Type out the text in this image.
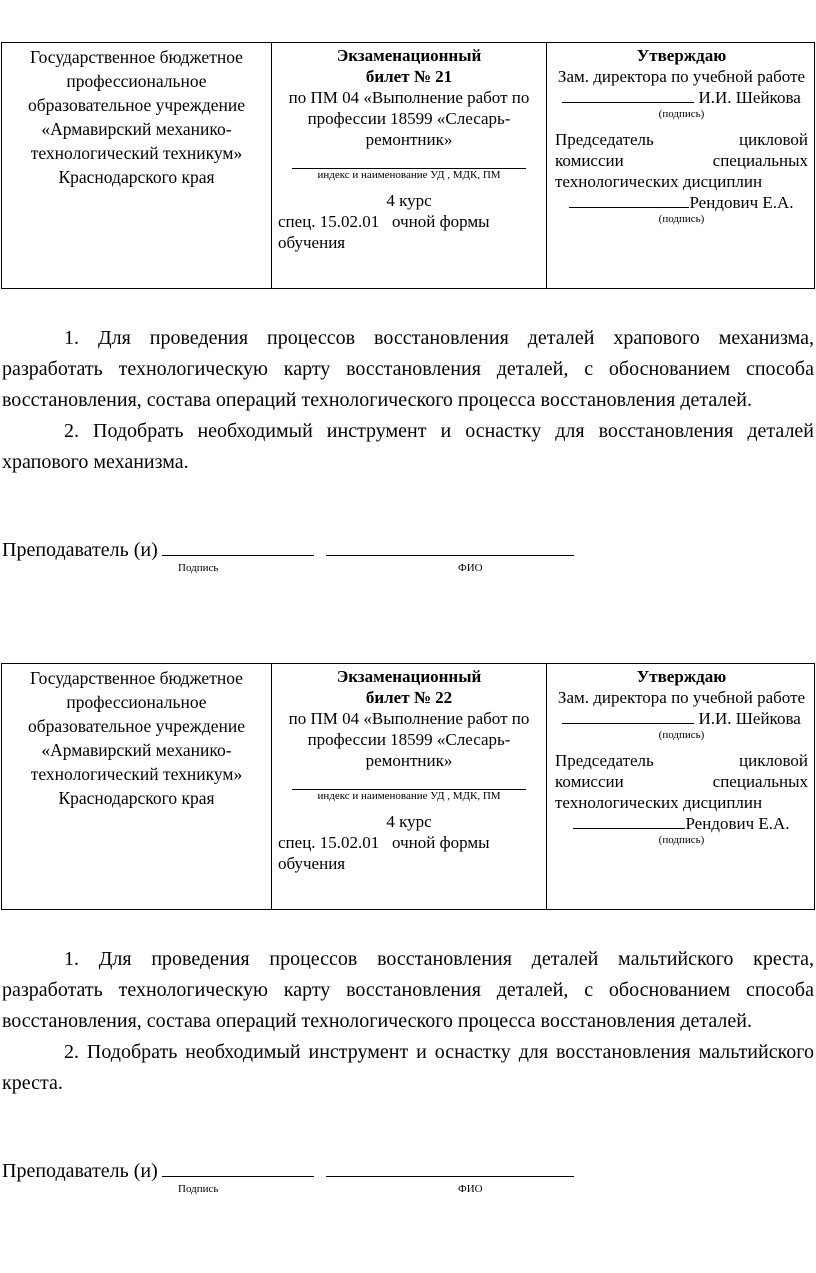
Государственное бюджетное профессиональное образовательное учреждение «Армавирский механико-технологический техникум» Краснодарского края

Экзаменационный
билет № 21
по ПМ 04 «Выполнение работ по профессии 18599 «Слесарь-ремонтник»
индекс и наименование УД , МДК, ПМ
4 курс
спец. 15.02.01   очной формы обучения

Утверждаю
Зам. директора по учебной работе
И.И. Шейкова
(подпись)
Председатель	цикловой
комиссии	специальных
технологических дисциплин
Рендович Е.А.
(подпись)

1. Для проведения процессов восстановления деталей храпового механизма, разработать технологическую карту восстановления деталей, с обоснованием способа восстановления, состава операций технологического процесса восстановления деталей.

2. Подобрать необходимый инструмент и оснастку для восстановления деталей храпового механизма.

Преподаватель (и)
Подпись	ФИО
Государственное бюджетное профессиональное образовательное учреждение «Армавирский механико-технологический техникум» Краснодарского края

Экзаменационный
билет № 22
по ПМ 04 «Выполнение работ по профессии 18599 «Слесарь-ремонтник»
индекс и наименование УД , МДК, ПМ
4 курс
спец. 15.02.01   очной формы обучения

Утверждаю
Зам. директора по учебной работе
И.И. Шейкова
(подпись)
Председатель	цикловой
комиссии	специальных
технологических дисциплин
Рендович Е.А.
(подпись)

1. Для проведения процессов восстановления деталей мальтийского креста, разработать технологическую карту восстановления деталей, с обоснованием способа восстановления, состава операций технологического процесса восстановления деталей.

2. Подобрать необходимый инструмент и оснастку для восстановления мальтийского креста.

Преподаватель (и)
Подпись	ФИО
